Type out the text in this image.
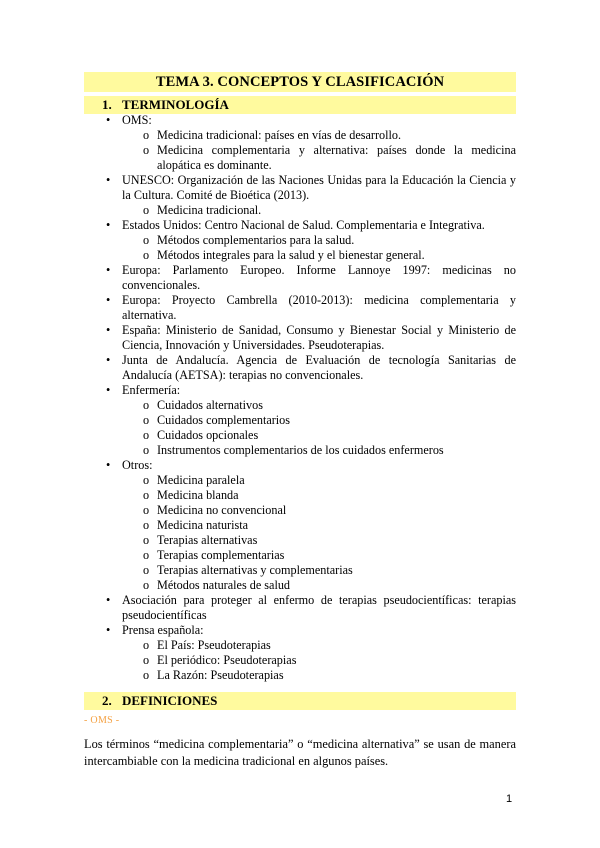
TEMA 3. CONCEPTOS Y CLASIFICACIÓN
1. TERMINOLOGÍA
• OMS:
o Medicina tradicional: países en vías de desarrollo.
o Medicina complementaria y alternativa: países donde la medicina alopática es dominante.
• UNESCO: Organización de las Naciones Unidas para la Educación la Ciencia y la Cultura. Comité de Bioética (2013).
o Medicina tradicional.
• Estados Unidos: Centro Nacional de Salud. Complementaria e Integrativa.
o Métodos complementarios para la salud.
o Métodos integrales para la salud y el bienestar general.
• Europa: Parlamento Europeo. Informe Lannoye 1997: medicinas no convencionales.
• Europa: Proyecto Cambrella (2010-2013): medicina complementaria y alternativa.
• España: Ministerio de Sanidad, Consumo y Bienestar Social y Ministerio de Ciencia, Innovación y Universidades. Pseudoterapias.
• Junta de Andalucía. Agencia de Evaluación de tecnología Sanitarias de Andalucía (AETSA): terapias no convencionales.
• Enfermería:
o Cuidados alternativos
o Cuidados complementarios
o Cuidados opcionales
o Instrumentos complementarios de los cuidados enfermeros
• Otros:
o Medicina paralela
o Medicina blanda
o Medicina no convencional
o Medicina naturista
o Terapias alternativas
o Terapias complementarias
o Terapias alternativas y complementarias
o Métodos naturales de salud
• Asociación para proteger al enfermo de terapias pseudocientíficas: terapias pseudocientíficas
• Prensa española:
o El País: Pseudoterapias
o El periódico: Pseudoterapias
o La Razón: Pseudoterapias
2. DEFINICIONES
- OMS -
Los términos “medicina complementaria” o “medicina alternativa” se usan de manera intercambiable con la medicina tradicional en algunos países.
1
